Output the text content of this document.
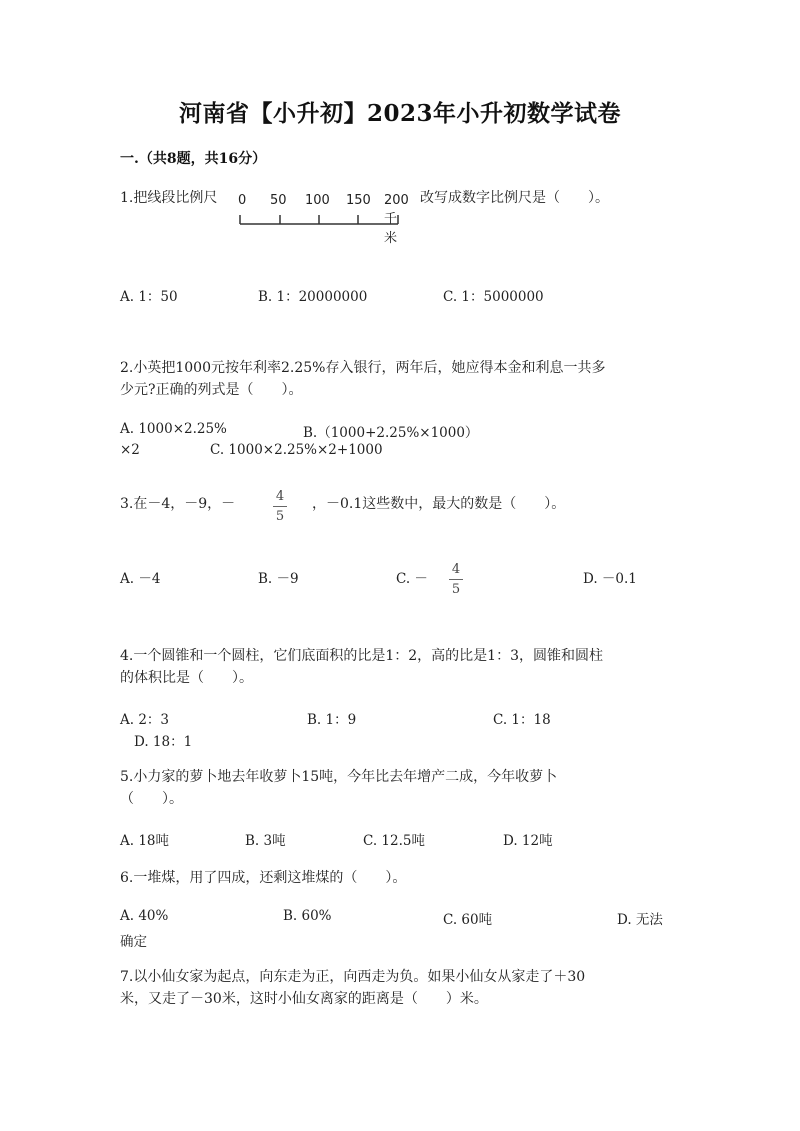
河南省【小升初】2023年小升初数学试卷
一.（共8题，共16分）
1.把线段比例尺 0 50 100 150 200千米
改写成数字比例尺是（　　）。
A. 1：50	B. 1：20000000	C. 1：5000000
2.小英把1000元按年利率2.25%存入银行，两年后，她应得本金和利息一共多
少元?正确的列式是（　　）。
A. 1000×2.25%	B.（1000+2.25%×1000）
×2	C. 1000×2.25%×2+1000
3.在－4，－9，－	4
5
，－0.1这些数中，最大的数是（　　）。
A. －4	B. －9	C. －
4
5
D. －0.1
4.一个圆锥和一个圆柱，它们底面积的比是1：2，高的比是1：3，圆锥和圆柱
的体积比是（　　）。
A. 2：3	B. 1：9	C. 1：18
D. 18：1
5.小力家的萝卜地去年收萝卜15吨，今年比去年增产二成，今年收萝卜
（　　）。
A. 18吨	B. 3吨	C. 12.5吨	D. 12吨
6.一堆煤，用了四成，还剩这堆煤的（　　）。
A. 40%	B. 60%	C. 60吨	D. 无法
确定
7.以小仙女家为起点，向东走为正，向西走为负。如果小仙女从家走了＋30
米，又走了－30米，这时小仙女离家的距离是（　　）米。
